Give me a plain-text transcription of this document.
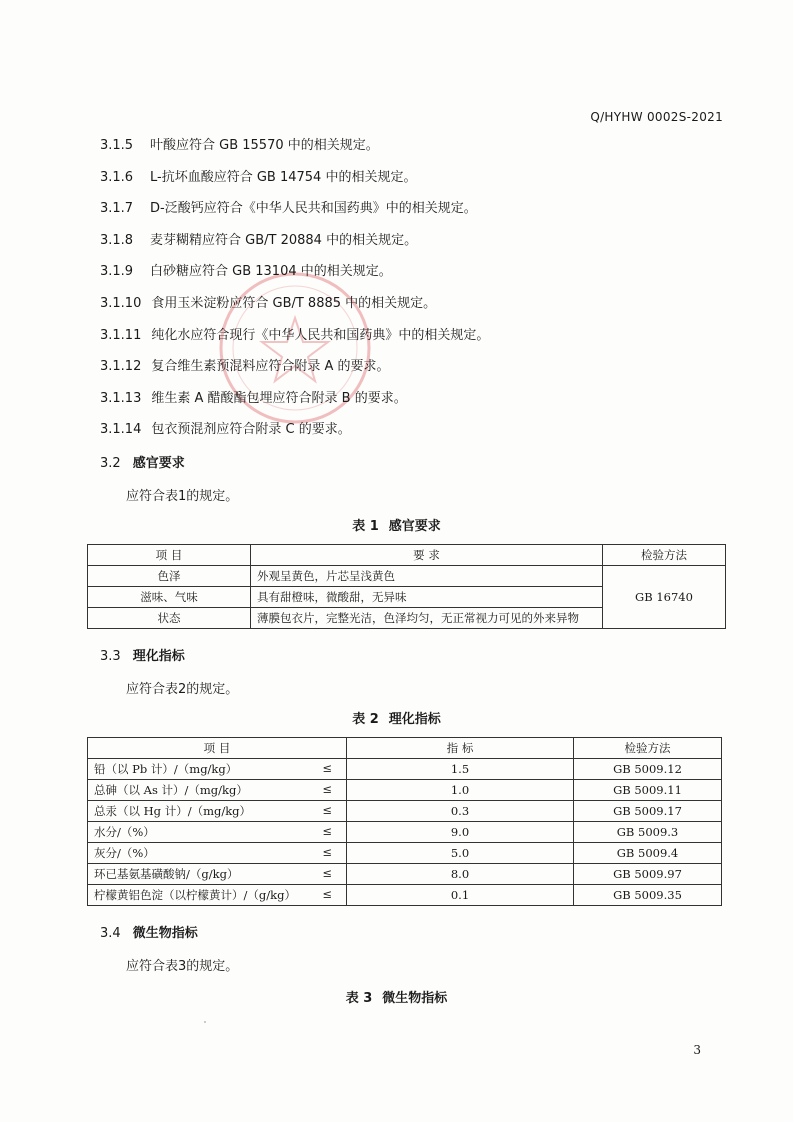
Q/HYHW 0002S-2021
3.1.5 叶酸应符合 GB 15570 中的相关规定。
3.1.6 L-抗坏血酸应符合 GB 14754 中的相关规定。
3.1.7 D-泛酸钙应符合《中华人民共和国药典》中的相关规定。
3.1.8 麦芽糊精应符合 GB/T 20884 中的相关规定。
3.1.9 白砂糖应符合 GB 13104 中的相关规定。
3.1.10 食用玉米淀粉应符合 GB/T 8885 中的相关规定。
3.1.11 纯化水应符合现行《中华人民共和国药典》中的相关规定。
3.1.12 复合维生素预混料应符合附录 A 的要求。
3.1.13 维生素 A 醋酸酯包埋应符合附录 B 的要求。
3.1.14 包衣预混剂应符合附录 C 的要求。
3.2 感官要求
应符合表1的规定。
表 1 感官要求
项 目	要 求	检验方法
色泽	外观呈黄色，片芯呈浅黄色	GB 16740
滋味、气味	具有甜橙味，微酸甜，无异味	
状态	薄膜包衣片，完整光洁，色泽均匀，无正常视力可见的外来异物	
3.3 理化指标
应符合表2的规定。
表 2 理化指标
项 目	指 标	检验方法
铅（以 Pb 计）/（mg/kg） ≤	1.5	GB 5009.12
总砷（以 As 计）/（mg/kg） ≤	1.0	GB 5009.11
总汞（以 Hg 计）/（mg/kg） ≤	0.3	GB 5009.17
水分/（%） ≤	9.0	GB 5009.3
灰分/（%） ≤	5.0	GB 5009.4
环已基氨基磺酸钠/（g/kg） ≤	8.0	GB 5009.97
柠檬黄铝色淀（以柠檬黄计）/（g/kg） ≤	0.1	GB 5009.35
3.4 微生物指标
应符合表3的规定。
表 3 微生物指标
3
